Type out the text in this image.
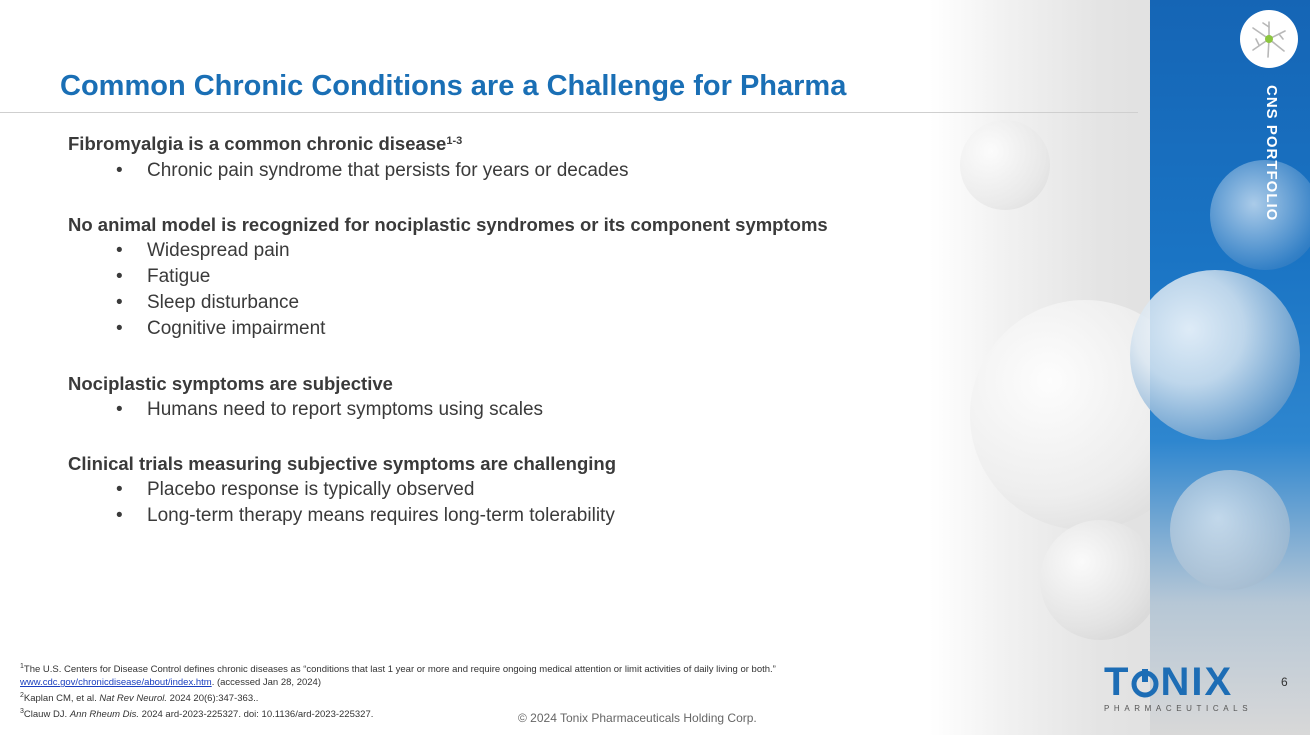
Common Chronic Conditions are a Challenge for Pharma

Fibromyalgia is a common chronic disease$^{1-3}$

• Chronic pain syndrome that persists for years or decades

No animal model is recognized for nociplastic syndromes or its component symptoms

• Widespread pain
• Fatigue
• Sleep disturbance
• Cognitive impairment

Nociplastic symptoms are subjective

• Humans need to report symptoms using scales

Clinical trials measuring subjective symptoms are challenging

• Placebo response is typically observed
• Long-term therapy means requires long-term tolerability

$^1$The U.S. Centers for Disease Control defines chronic diseases as “conditions that last 1 year or more and require ongoing medical attention or limit activities of daily living or both.”

www.cdc.gov/chronicdisease/about/index.htm. (accessed Jan 28, 2024)

$^2$Kaplan CM, et al. Nat Rev Neurol. 2024 20(6):347-363..

$^3$Clauw DJ. Ann Rheum Dis. 2024 ard-2023-225327. doi: 10.1136/ard-2023-225327.	© 2024 Tonix Pharmaceuticals Holding Corp.
6
CNS PORTFOLIO
T NIX
PHARMACEUTICALS
